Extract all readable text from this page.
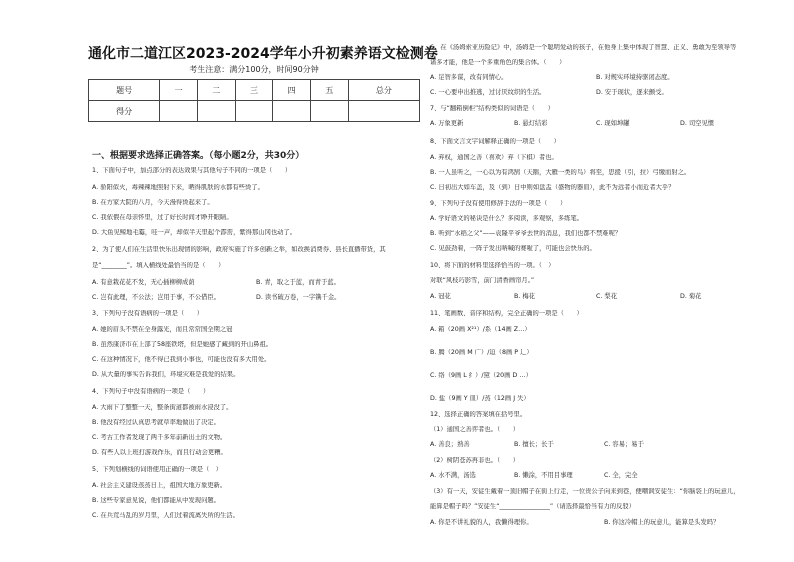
通化市二道江区2023-2024学年小升初素养语文检测卷
考生注意：满分100分，时间90分钟
题号	一	二	三	四	五	总分
得分						
一、根据要求选择正确答案。（每小题2分，共30分）
1、下面句子中，加点部分的表达效果与其他句子不同的一项是（　　）
A. 骄阳似火，毒辣辣地照射下来，晒得肌肤的水都有些烫了。
B. 在方家大院的八月，今天漫得烫起来了。
C. 我依偎在母亲怀里，过了好长时间才睁开眼睛。
D. 大鱼见鲸地毛霉，哇一声，却似半天里起个霹雳，紫得那山冈也动了。
2、为了使人们在生活里快乐出现情的影响，政府实施了许多创新之举，如改换消费券、县长直播带货，其
是“________”。填入横线处最恰当的是（　　）
A. 有意栽花花不发，无心插柳柳成荫	B. 青，取之于蓝，而青于蓝。
C. 岂有此理，不公法；岂用于事，不公借臣。	D. 读书破万卷，一字镌千金。
3、下列句子没有语病的一项是（　　）
A. 她的眉头不禁在全身露光，而且常常国全期之冠
B. 虽然康济市在上部了58座铁塔，但是她感了藏到的开山鼻祖。
C. 在这种情况下，他不得已我到小事也，可能也没有多大用处。
D. 从大量的事实告诉我们，环境灾难是我爱的结果。
4、下列句子中没有语病的一项是（　　）
A. 大雨下了整整一天，整条街道都被雨水浸没了。
B. 他没有经过认真思考就草率地做出了决定。
C. 考古工作者发现了两千多年前新出土的文物。
D. 有些人以上班打游戏作乐，而且行动会更糟。
5、下列划横线的词语使用正确的一项是（　）
A. 社会主义建设蒸蒸日上，祖国大地万象更新。
B. 这些专家意见说，他们都能从中发现问题。
C. 在兵荒马乱的岁月里，人们过着流离失所的生活。
6、在《汤姆索亚历险记》中，汤姆是一个聪明爱动的孩子，在他身上集中体现了智慧、正义、勇敢为至领导等
诸多才能，他是一个多重角色的集合体。（　　）
A. 足智多谋，改有同情心。	B. 对规实环境持驱闭态度。
C. 一心要申出推逃，过讨厌纹织的生活。	D. 安于现状，逐来颤受。
7、与“翻箱倒柜”结构类似的词语是（　　）
A. 万象更新	B. 悬灯结彩	C. 现如坤罐	D. 司空见惯
8、下面文言文字词解释正确的一项是（　　）
A. 弃权，通国之善（喜欢）弃（下棋）者也。
B. 一人虽听之，一心以为有鸿鹄（天鹅，大雁一类的鸟）将至，思援（引，拉）弓缴而射之。
C. 日初出大如车盖，及（到）日中则如盘盂（盛物的器皿），此不为远者小而近者大乎？
9、下列句子没有使用修辞手法的一项是（　　）
A. 学好语文的秘诀是什么？多阅读，多观察，多练笔。
B. 听到“水稻之父”——袁隆平爷爷去世的消息，我们也都不禁难呢？
C. 见鼓劲着，一阵子发出呐喊的赛啦了，可能也会快乐的。
10、将下面的材料里选择恰当的一项。（　）
对联“风枝巧影雪，前门清香画帘月。”
A. 冠花	B. 梅花	C. 梨花	D. 菊花
11、笔画数、音序和结构，完全正确的一项是（　　）
A. 箱（20画 X²¹）/系（14画 Z…）
B. 腾（20画 M 广）/迫（8画 P 辶）
C. 络（9画 L 纟）/黛（20画 D …）
D. 盐（9画 Y 皿）/蒸（12画 J 失）
12、选择正确的答案填在括号里。
（1）通国之善弈者也。（　　）
A. 善良；熟善	B. 擅长；长于	C. 容易；易于
（2）树阴苍苏再非也。（　　）
A. 水不满，汤选	B. 懒涂，不用目事理	C. 全，完全
（3）有一天，安徒生戴着一顶旧帽子在街上行走，一位贵公子向来到巷，便嘲讽安徒生：“你脑袋上的玩意儿，
能算是帽子吗？”安徒生“________________”（请选择最恰当有力的反驳）
A. 你是不讲礼貌的人，我懒得理你。	B. 你这冷帽上的玩意儿，能算是头发吗？
